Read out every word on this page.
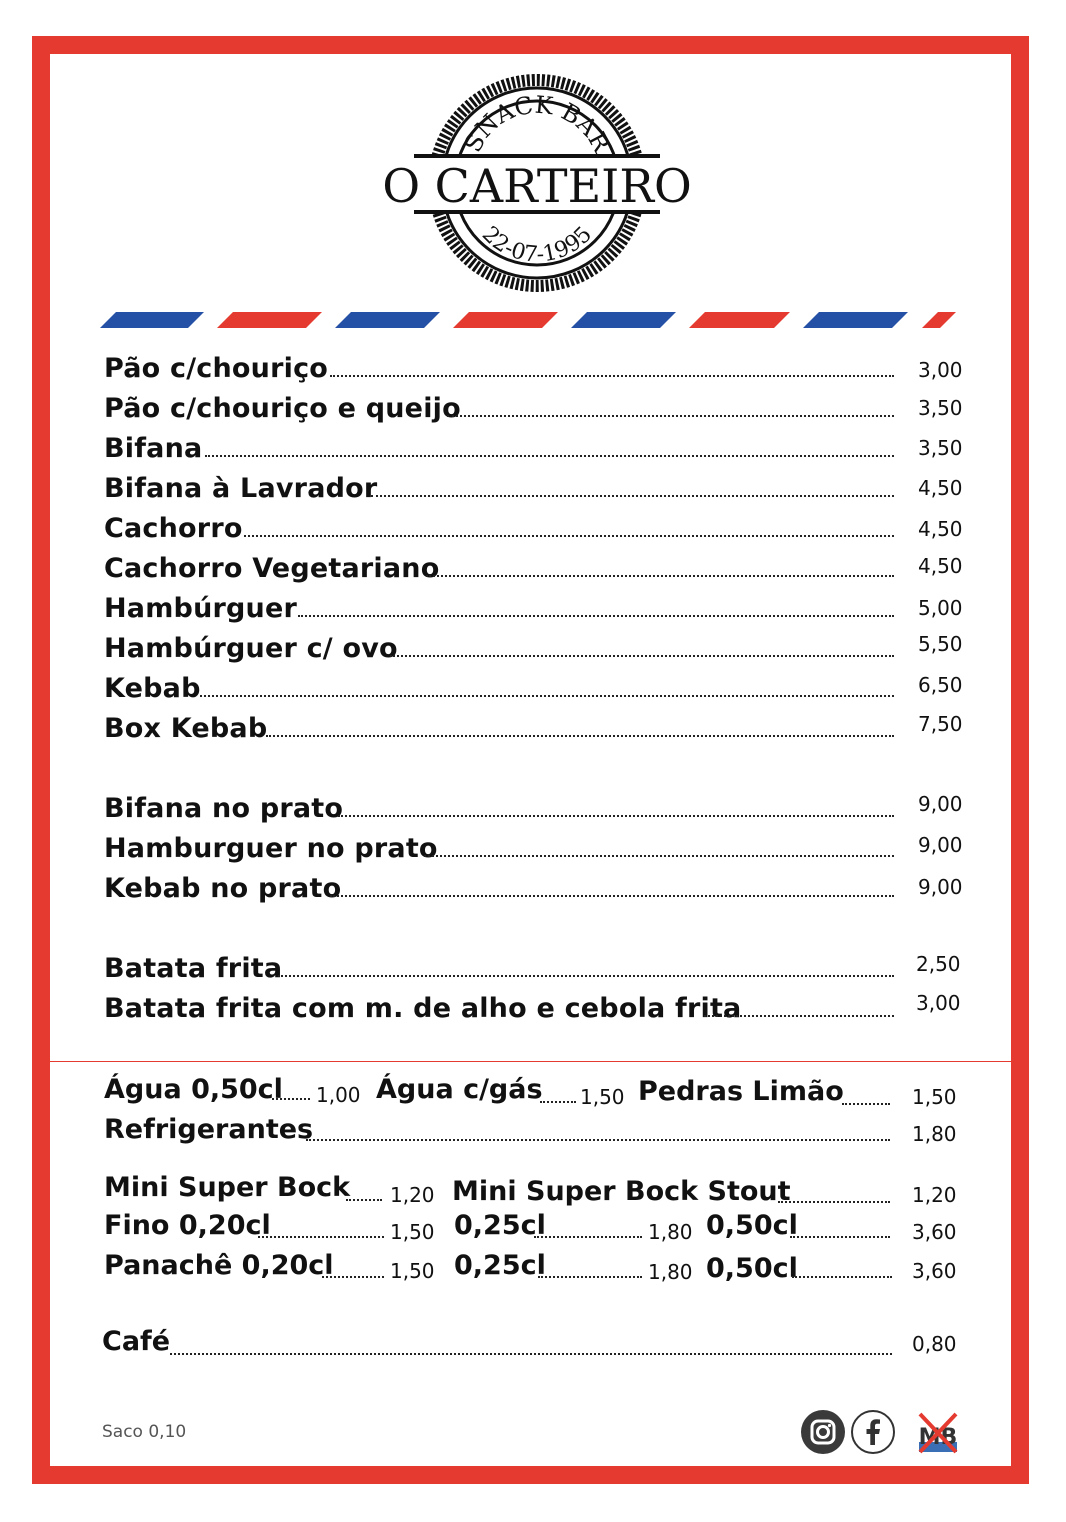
SNACK BAR
22-07-1995
O CARTEIRO
Pão c/chouriço	3,00
Pão c/chouriço e queijo	3,50
Bifana	3,50
Bifana à Lavrador	4,50
Cachorro	4,50
Cachorro Vegetariano	4,50
Hambúrguer	5,00
Hambúrguer c/ ovo	5,50
Kebab	6,50
Box Kebab	7,50
Bifana no prato	9,00
Hamburguer no prato	9,00
Kebab no prato	9,00
Batata frita	2,50
Batata frita com m. de alho e cebola frita	3,00
Água 0,50cl 1,00 Água c/gás 1,50 Pedras Limão	1,50
Refrigerantes	1,80
Mini Super Bock 1,20 Mini Super Bock Stout	1,20
Fino 0,20cl	1,50 0,25cl	1,80 0,50cl	3,60
Panachê 0,20cl	1,50 0,25cl	1,80 0,50cl	3,60
Café	0,80
Saco 0,10	MB
